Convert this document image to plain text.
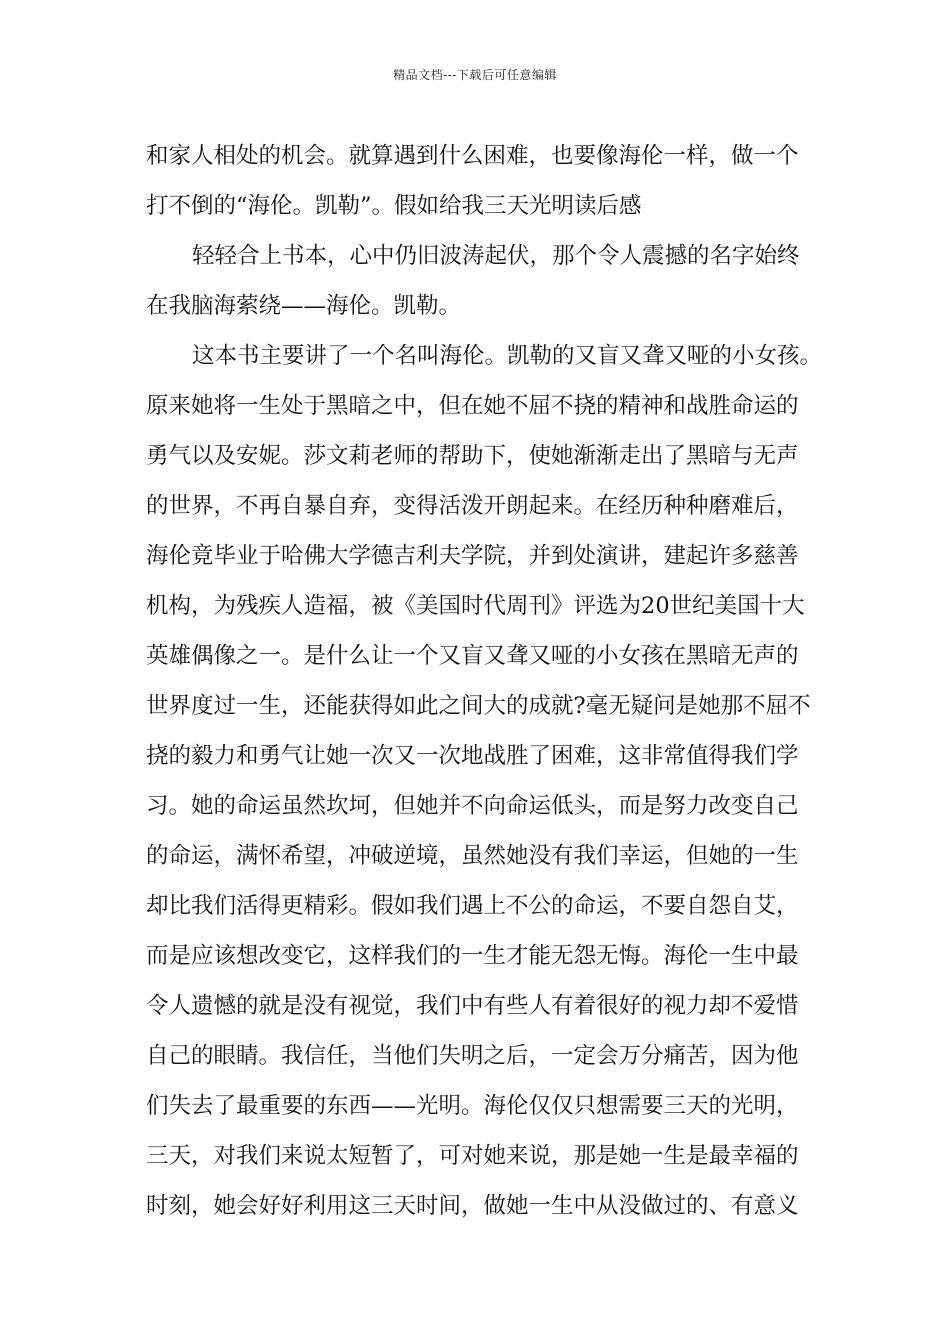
精品文档---下载后可任意编辑
和家人相处的机会。就算遇到什么困难，也要像海伦一样，做一个
打不倒的“海伦。凯勒”。假如给我三天光明读后感
轻轻合上书本，心中仍旧波涛起伏，那个令人震撼的名字始终
在我脑海萦绕——海伦。凯勒。
这本书主要讲了一个名叫海伦。凯勒的又盲又聋又哑的小女孩。
原来她将一生处于黑暗之中，但在她不屈不挠的精神和战胜命运的
勇气以及安妮。莎文莉老师的帮助下，使她渐渐走出了黑暗与无声
的世界，不再自暴自弃，变得活泼开朗起来。在经历种种磨难后，
海伦竟毕业于哈佛大学德吉利夫学院，并到处演讲，建起许多慈善
机构，为残疾人造福，被《美国时代周刊》评选为20世纪美国十大
英雄偶像之一。是什么让一个又盲又聋又哑的小女孩在黑暗无声的
世界度过一生，还能获得如此之间大的成就?毫无疑问是她那不屈不
挠的毅力和勇气让她一次又一次地战胜了困难，这非常值得我们学
习。她的命运虽然坎坷，但她并不向命运低头，而是努力改变自己
的命运，满怀希望，冲破逆境，虽然她没有我们幸运，但她的一生
却比我们活得更精彩。假如我们遇上不公的命运，不要自怨自艾，
而是应该想改变它，这样我们的一生才能无怨无悔。海伦一生中最
令人遗憾的就是没有视觉，我们中有些人有着很好的视力却不爱惜
自己的眼睛。我信任，当他们失明之后，一定会万分痛苦，因为他
们失去了最重要的东西——光明。海伦仅仅只想需要三天的光明，
三天，对我们来说太短暂了，可对她来说，那是她一生是最幸福的
时刻，她会好好利用这三天时间，做她一生中从没做过的、有意义
